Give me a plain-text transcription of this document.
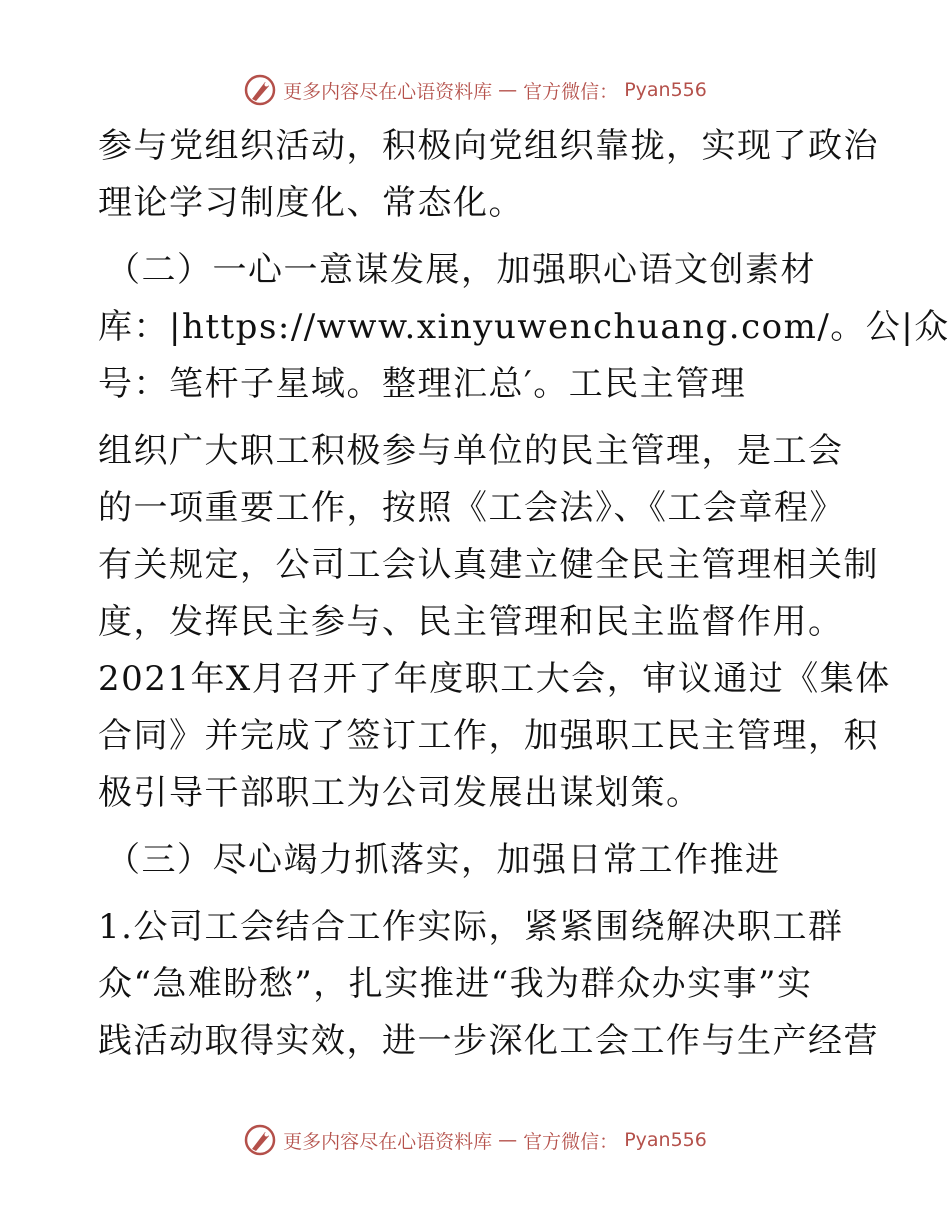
更多内容尽在心语资料库 — 官方微信： Pyan556
参与党组织活动，积极向党组织靠拢，实现了政治
理论学习制度化、常态化。
（二）一心一意谋发展，加强职心语文创素材
库：|https://www.xinyuwenchuang.com/。公|众
号：笔杆子星域。整理汇总′。工民主管理
组织广大职工积极参与单位的民主管理，是工会
的一项重要工作，按照《工会法》、《工会章程》
有关规定，公司工会认真建立健全民主管理相关制
度，发挥民主参与、民主管理和民主监督作用。
2021年X月召开了年度职工大会，审议通过《集体
合同》并完成了签订工作，加强职工民主管理，积
极引导干部职工为公司发展出谋划策。
（三）尽心竭力抓落实，加强日常工作推进
1.公司工会结合工作实际，紧紧围绕解决职工群
众“急难盼愁”，扎实推进“我为群众办实事”实
践活动取得实效，进一步深化工会工作与生产经营
更多内容尽在心语资料库 — 官方微信： Pyan556
